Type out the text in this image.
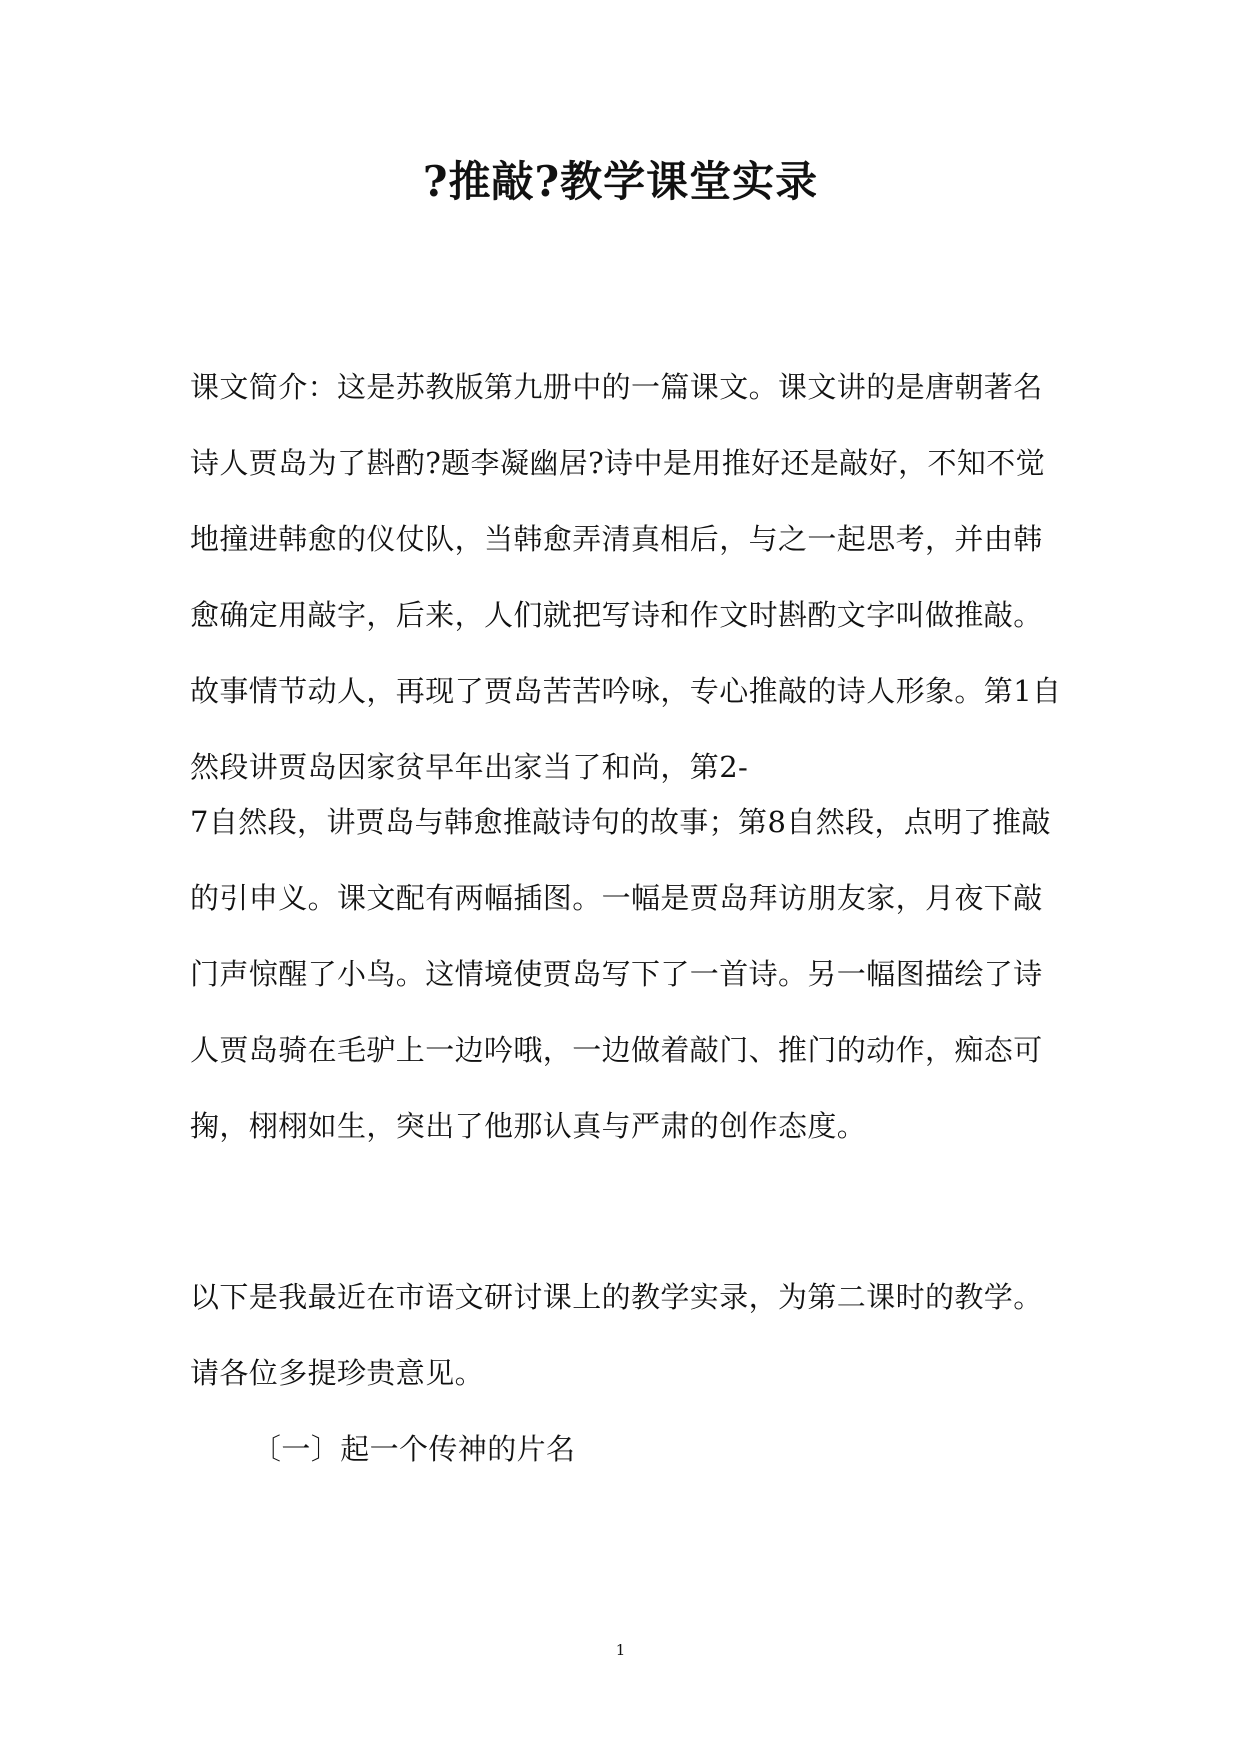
?推敲?教学课堂实录
课文简介：这是苏教版第九册中的一篇课文。课文讲的是唐朝著名
诗人贾岛为了斟酌?题李凝幽居?诗中是用推好还是敲好，不知不觉
地撞进韩愈的仪仗队，当韩愈弄清真相后，与之一起思考，并由韩
愈确定用敲字，后来，人们就把写诗和作文时斟酌文字叫做推敲。
故事情节动人，再现了贾岛苦苦吟咏，专心推敲的诗人形象。第1自
然段讲贾岛因家贫早年出家当了和尚，第2-
7自然段，讲贾岛与韩愈推敲诗句的故事；第8自然段，点明了推敲
的引申义。课文配有两幅插图。一幅是贾岛拜访朋友家，月夜下敲
门声惊醒了小鸟。这情境使贾岛写下了一首诗。另一幅图描绘了诗
人贾岛骑在毛驴上一边吟哦，一边做着敲门、推门的动作，痴态可
掬，栩栩如生，突出了他那认真与严肃的创作态度。
以下是我最近在市语文研讨课上的教学实录，为第二课时的教学。
请各位多提珍贵意见。
〔一〕起一个传神的片名
1
